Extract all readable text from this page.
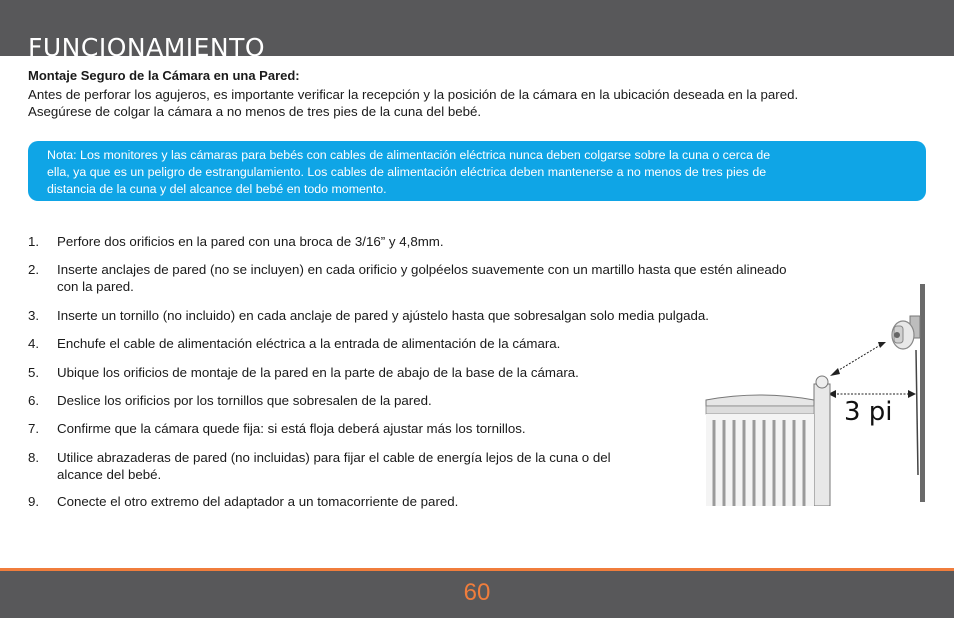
FUNCIONAMIENTO
Montaje Seguro de la Cámara en una Pared:
Antes de perforar los agujeros, es importante verificar la recepción y la posición de la cámara en la ubicación deseada en la pared.
Asegúrese de colgar la cámara a no menos de tres pies de la cuna del bebé.
Nota: Los monitores y las cámaras para bebés con cables de alimentación eléctrica nunca deben colgarse sobre la cuna o cerca de
ella, ya que es un peligro de estrangulamiento. Los cables de alimentación eléctrica deben mantenerse a no menos de tres pies de
distancia de la cuna y del alcance del bebé en todo momento.
1. Perfore dos orificios en la pared con una broca de 3/16” y 4,8mm.
2. Inserte anclajes de pared (no se incluyen) en cada orificio y golpéelos suavemente con un martillo hasta que estén alineado
con la pared.
3. Inserte un tornillo (no incluido) en cada anclaje de pared y ajústelo hasta que sobresalgan solo media pulgada.
4. Enchufe el cable de alimentación eléctrica a la entrada de alimentación de la cámara.
5. Ubique los orificios de montaje de la pared en la parte de abajo de la base de la cámara.
6. Deslice los orificios por los tornillos que sobresalen de la pared.
7. Confirme que la cámara quede fija: si está floja deberá ajustar más los tornillos.
8. Utilice abrazaderas de pared (no incluidas) para fijar el cable de energía lejos de la cuna o del
alcance del bebé.
9. Conecte el otro extremo del adaptador a un tomacorriente de pared.
3 pi
60
